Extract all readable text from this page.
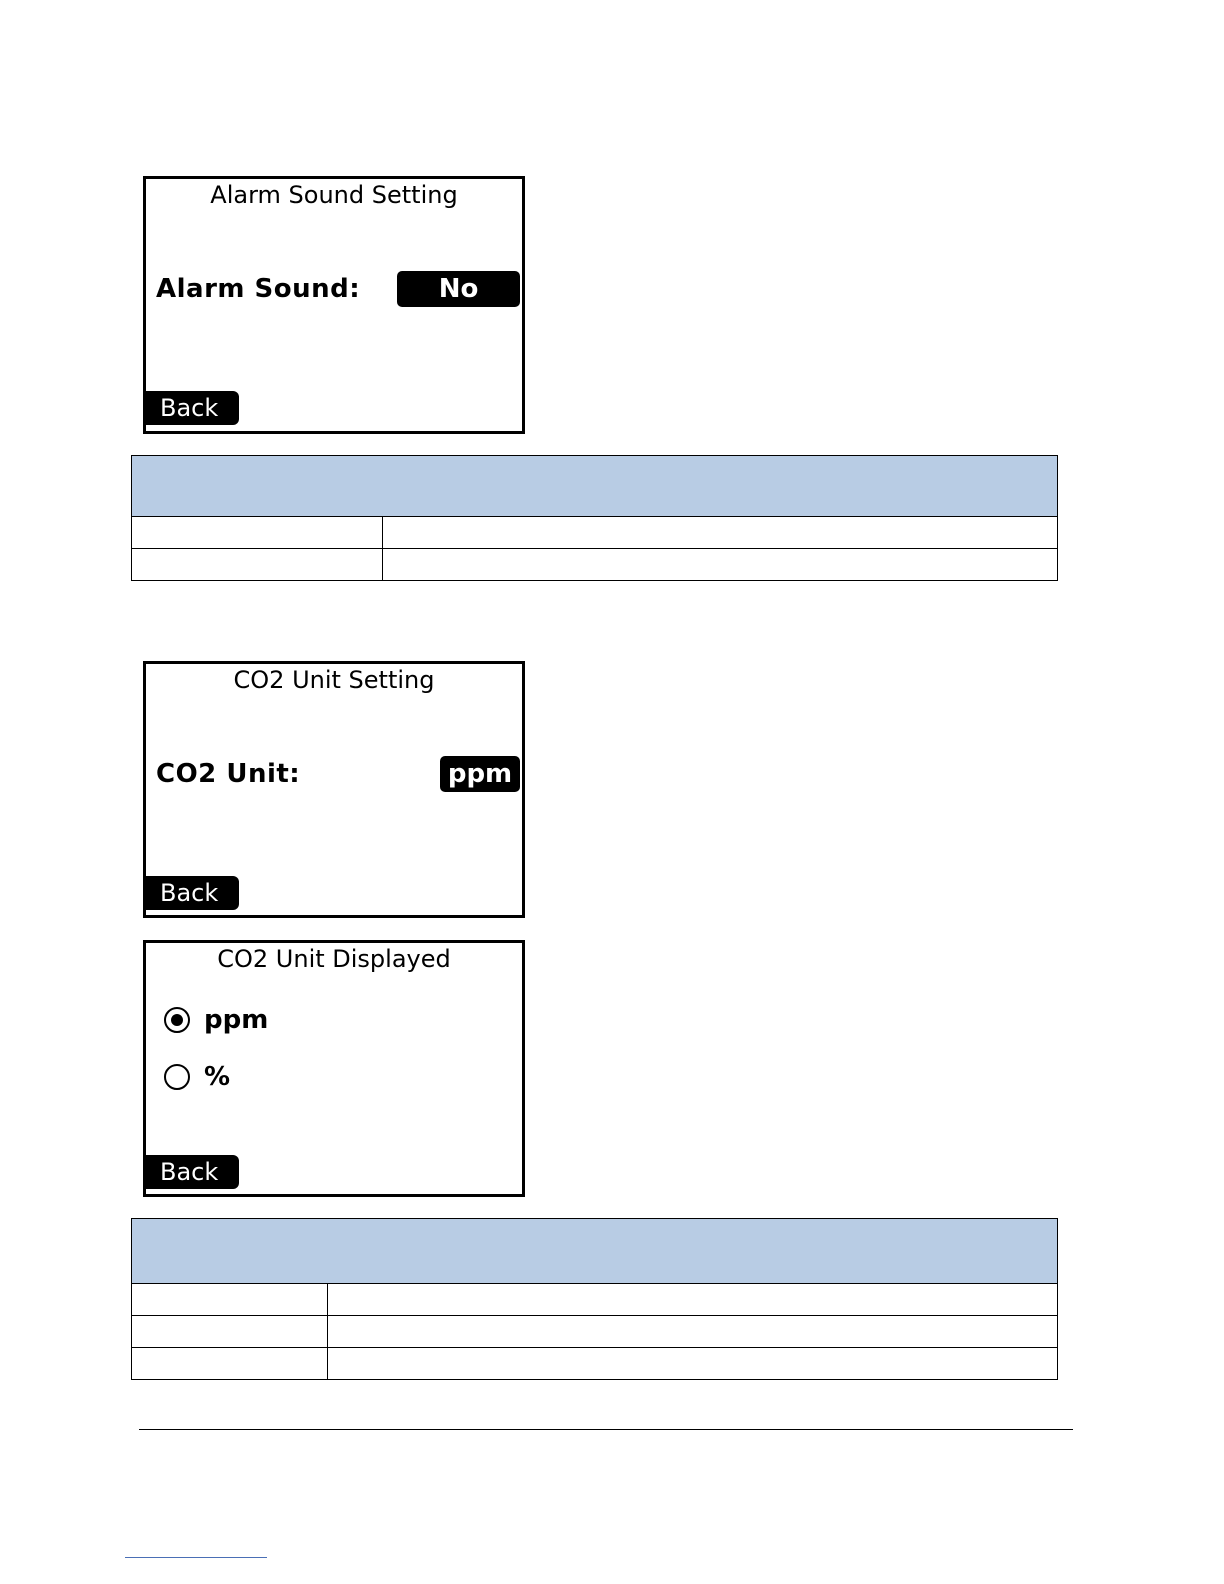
Alarm Sound Setting
Alarm Sound:	No
Back

CO2 Unit Setting
CO2 Unit:	ppm
Back
CO2 Unit Displayed
ppm
%
Back
